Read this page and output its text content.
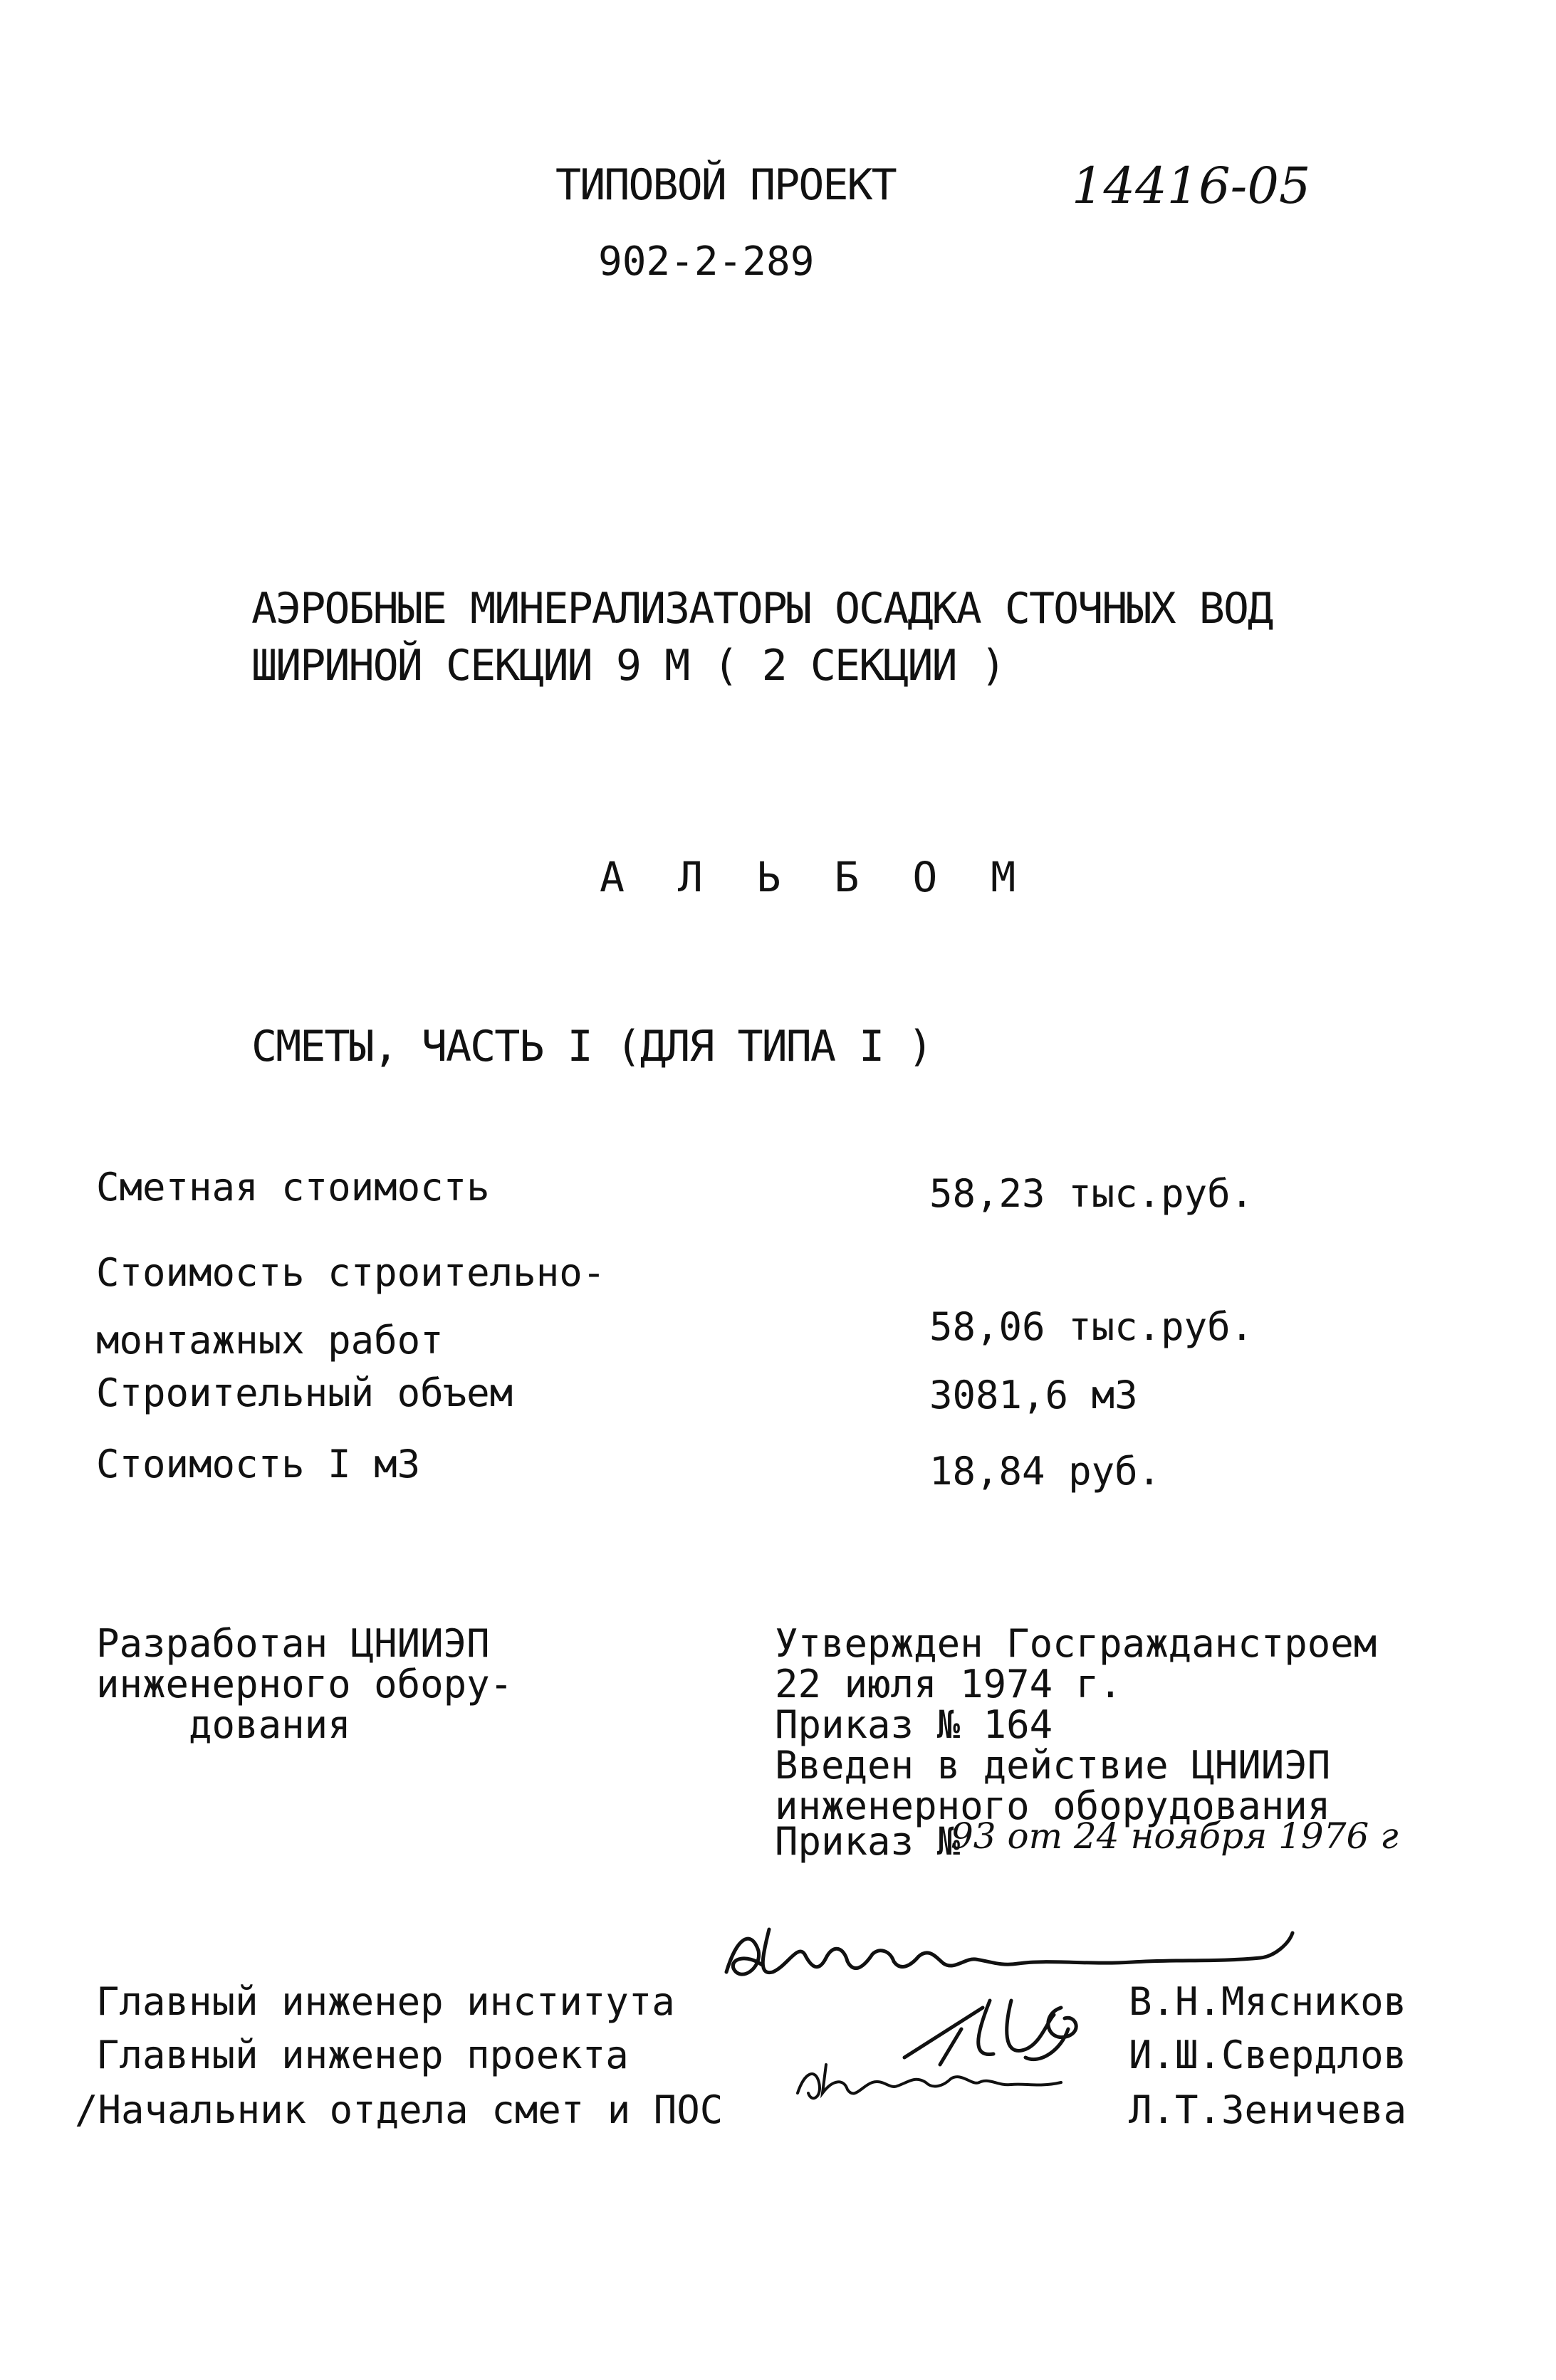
ТИПОВОЙ ПРОЕКТ
902-2-289
14416-05
АЭРОБНЫЕ МИНЕРАЛИЗАТОРЫ ОСАДКА СТОЧНЫХ ВОД
ШИРИНОЙ СЕКЦИИ 9 М ( 2 СЕКЦИИ )
А Л Ь Б О М
СМЕТЫ, ЧАСТЬ I (ДЛЯ ТИПА I )
Сметная стоимость	58,23 тыс.руб.
Стоимость строительно-
монтажных работ	58,06 тыс.руб.
Строительный объем	3081,6 м3
Стоимость I м3	18,84 руб.
Разработан ЦНИИЭП
инженерного обору-
дования
Утвержден Госгражданстроем
22 июля 1974 г.
Приказ № 164
Введен в действие ЦНИИЭП
инженерного оборудования
Приказ №
93 от 24 ноября 1976 г
Главный инженер института	В.Н.Мясников
Главный инженер проекта	И.Ш.Свердлов
/Начальник отдела смет и ПОС	Л.Т.Зеничева
